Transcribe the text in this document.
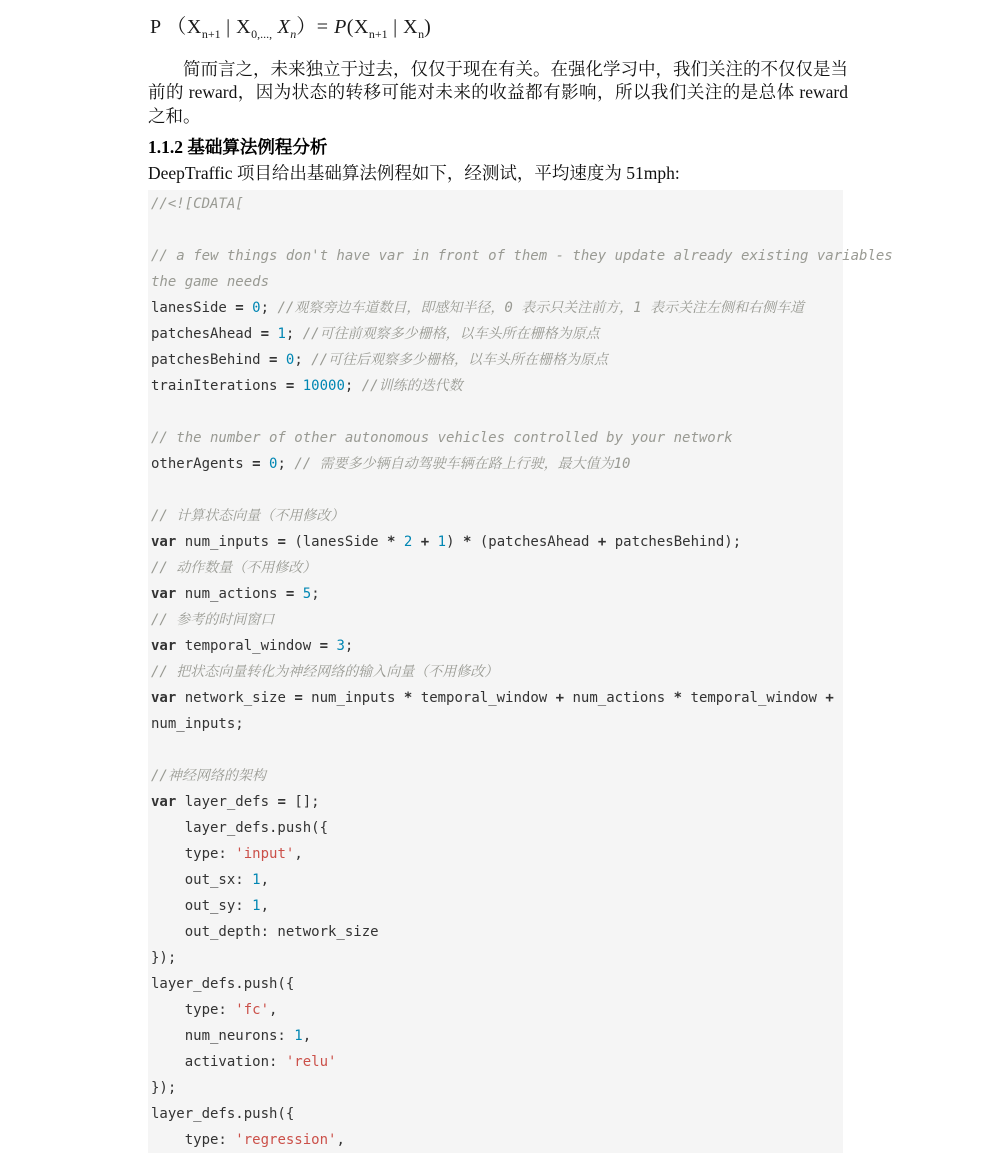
P （$X_{n+1}$ | $X_{0,...,}$ $X_n)= P(X_{n+1}$ | $X_n$)
简而言之，未来独立于过去，仅仅于现在有关。在强化学习中，我们关注的不仅仅是当前的 reward，因为状态的转移可能对未来的收益都有影响，所以我们关注的是总体 reward 之和。
1.1.2 基础算法例程分析
DeepTraffic 项目给出基础算法例程如下，经测试，平均速度为 51mph:
//<![CDATA[

// a few things don't have var in front of them - they update already existing variables
the game needs
lanesSide = 0; //观察旁边车道数目，即感知半径，0 表示只关注前方，1 表示关注左侧和右侧车道
patchesAhead = 1; //可往前观察多少栅格，以车头所在栅格为原点
patchesBehind = 0; //可往后观察多少栅格，以车头所在栅格为原点
trainIterations = 10000; //训练的迭代数

// the number of other autonomous vehicles controlled by your network
otherAgents = 0; // 需要多少辆自动驾驶车辆在路上行驶，最大值为10

// 计算状态向量（不用修改）
var num_inputs = (lanesSide * 2 + 1) * (patchesAhead + patchesBehind);
// 动作数量（不用修改）
var num_actions = 5;
// 参考的时间窗口
var temporal_window = 3;
// 把状态向量转化为神经网络的输入向量（不用修改）
var network_size = num_inputs * temporal_window + num_actions * temporal_window +
num_inputs;

//神经网络的架构
var layer_defs = [];
layer_defs.push({
type: 'input',
out_sx: 1,
out_sy: 1,
out_depth: network_size
});
layer_defs.push({
type: 'fc',
num_neurons: 1,
activation: 'relu'
});
layer_defs.push({
type: 'regression',
